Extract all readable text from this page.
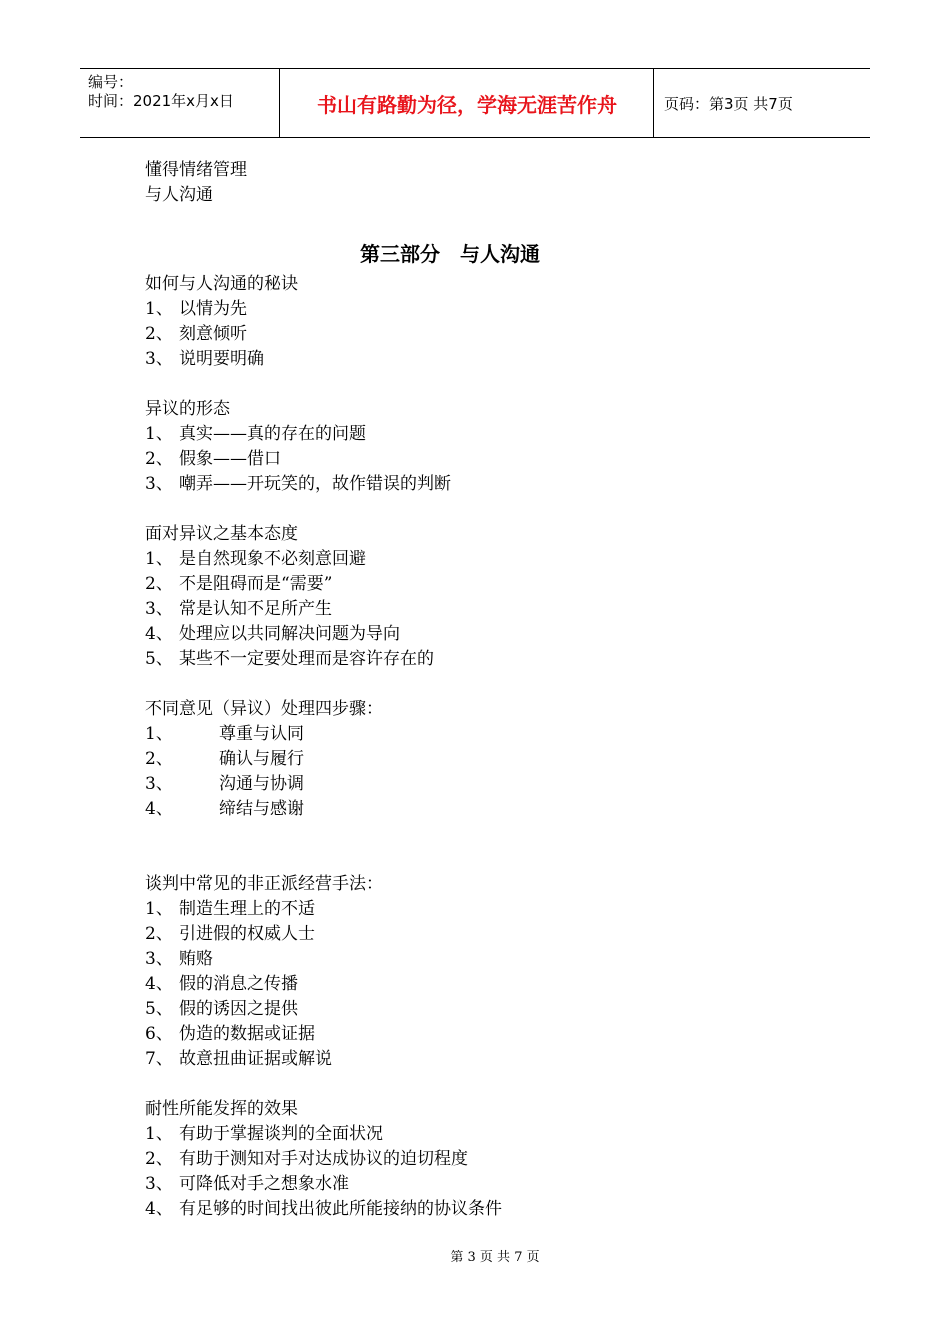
编号：
时间：2021年x月x日	书山有路勤为径，学海无涯苦作舟	页码：第3页 共7页
懂得情绪管理
与人沟通
第三部分　与人沟通
如何与人沟通的秘诀
1、 以情为先
2、 刻意倾听
3、 说明要明确
异议的形态
1、 真实——真的存在的问题
2、 假象——借口
3、 嘲弄——开玩笑的，故作错误的判断
面对异议之基本态度
1、 是自然现象不必刻意回避
2、 不是阻碍而是“需要”
3、 常是认知不足所产生
4、 处理应以共同解决问题为导向
5、 某些不一定要处理而是容许存在的
不同意见（异议）处理四步骤：
1、	尊重与认同
2、	确认与履行
3、	沟通与协调
4、	缔结与感谢
谈判中常见的非正派经营手法：
1、 制造生理上的不适
2、 引进假的权威人士
3、 贿赂
4、 假的消息之传播
5、 假的诱因之提供
6、 伪造的数据或证据
7、 故意扭曲证据或解说
耐性所能发挥的效果
1、 有助于掌握谈判的全面状况
2、 有助于测知对手对达成协议的迫切程度
3、 可降低对手之想象水准
4、 有足够的时间找出彼此所能接纳的协议条件
第 3 页 共 7 页
